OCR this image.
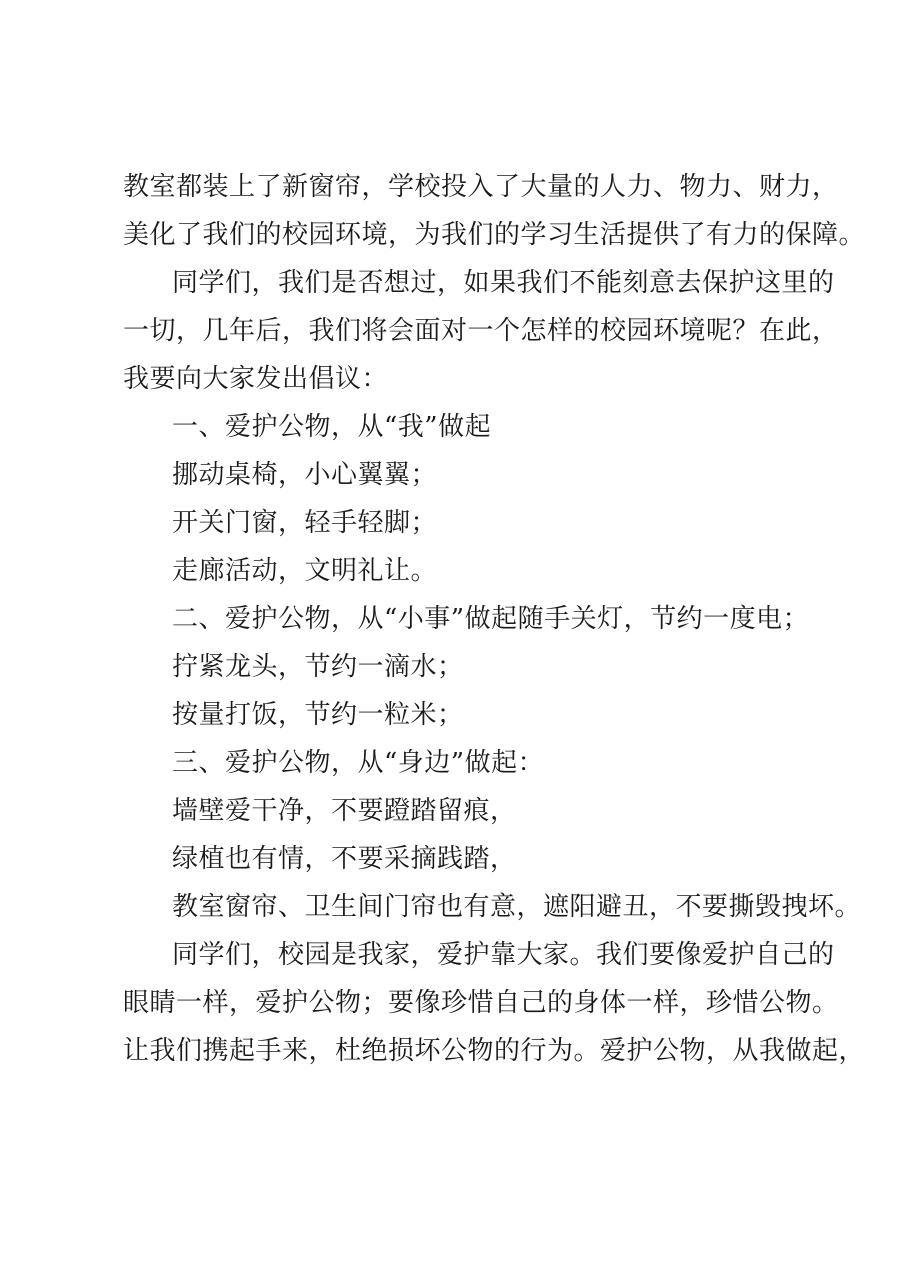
教室都装上了新窗帘，学校投入了大量的人力、物力、财力，
美化了我们的校园环境，为我们的学习生活提供了有力的保障。
同学们，我们是否想过，如果我们不能刻意去保护这里的
一切，几年后，我们将会面对一个怎样的校园环境呢？在此，
我要向大家发出倡议：
一、爱护公物，从“我”做起
挪动桌椅，小心翼翼；
开关门窗，轻手轻脚；
走廊活动，文明礼让。
二、爱护公物，从“小事”做起随手关灯，节约一度电；
拧紧龙头，节约一滴水；
按量打饭，节约一粒米；
三、爱护公物，从“身边”做起：
墙壁爱干净，不要蹬踏留痕，
绿植也有情，不要采摘践踏，
教室窗帘、卫生间门帘也有意，遮阳避丑，不要撕毁拽坏。
同学们，校园是我家，爱护靠大家。我们要像爱护自己的
眼睛一样，爱护公物；要像珍惜自己的身体一样，珍惜公物。
让我们携起手来，杜绝损坏公物的行为。爱护公物，从我做起，
